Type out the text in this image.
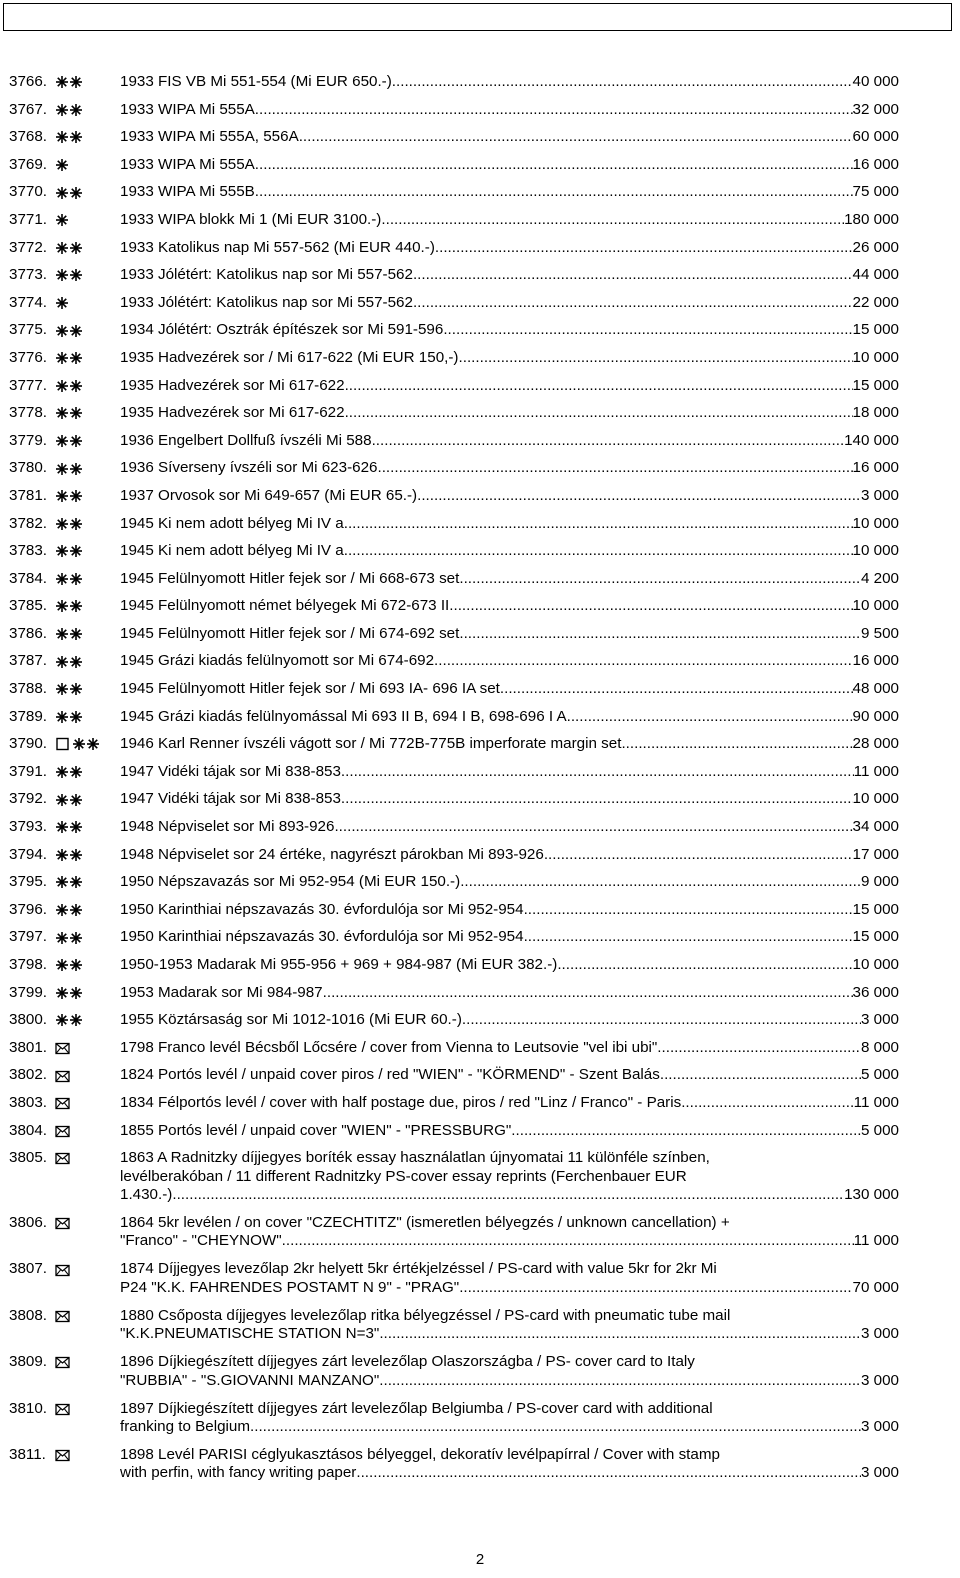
3766.	1933 FIS VB Mi 551-554 (Mi EUR 650.-) .....	40 000
3767.	1933 WIPA Mi 555A .....	32 000
3768.	1933 WIPA Mi 555A, 556A .....	60 000
3769.	1933 WIPA Mi 555A .....	16 000
3770.	1933 WIPA Mi 555B .....	75 000
3771.	1933 WIPA blokk Mi 1 (Mi EUR 3100.-) .....	180 000
3772.	1933 Katolikus nap Mi 557-562 (Mi EUR 440.-) .....	26 000
3773.	1933 Jólétért: Katolikus nap sor Mi 557-562 .....	44 000
3774.	1933 Jólétért: Katolikus nap sor Mi 557-562 .....	22 000
3775.	1934 Jólétért: Osztrák építészek sor Mi 591-596 .....	15 000
3776.	1935 Hadvezérek sor / Mi 617-622 (Mi EUR 150,-) .....	10 000
3777.	1935 Hadvezérek sor Mi 617-622 .....	15 000
3778.	1935 Hadvezérek sor Mi 617-622 .....	18 000
3779.	1936 Engelbert Dollfuß ívszéli Mi 588 .....	140 000
3780.	1936 Síverseny ívszéli sor Mi 623-626 .....	16 000
3781.	1937 Orvosok sor Mi 649-657 (Mi EUR 65.-) .....	3 000
3782.	1945 Ki nem adott bélyeg Mi IV a .....	10 000
3783.	1945 Ki nem adott bélyeg Mi IV a .....	10 000
3784.	1945 Felülnyomott Hitler fejek sor / Mi 668-673 set .....	4 200
3785.	1945 Felülnyomott német bélyegek Mi 672-673 II .....	10 000
3786.	1945 Felülnyomott Hitler fejek sor / Mi 674-692 set .....	9 500
3787.	1945 Grázi kiadás felülnyomott sor Mi 674-692 .....	16 000
3788.	1945 Felülnyomott Hitler fejek sor / Mi 693 IA- 696 IA set .....	48 000
3789.	1945 Grázi kiadás felülnyomással Mi 693 II B, 694 I B, 698-696 I A .....	90 000
3790.	1946 Karl Renner ívszéli vágott sor / Mi 772B-775B imperforate margin set .....	28 000
3791.	1947 Vidéki tájak sor Mi 838-853 .....	11 000
3792.	1947 Vidéki tájak sor Mi 838-853 .....	10 000
3793.	1948 Népviselet sor Mi 893-926 .....	34 000
3794.	1948 Népviselet sor 24 értéke, nagyrészt párokban Mi 893-926 .....	17 000
3795.	1950 Népszavazás sor Mi 952-954 (Mi EUR 150.-) .....	9 000
3796.	1950 Karinthiai népszavazás 30. évfordulója sor Mi 952-954 .....	15 000
3797.	1950 Karinthiai népszavazás 30. évfordulója sor Mi 952-954 .....	15 000
3798.	1950-1953 Madarak Mi 955-956 + 969 + 984-987 (Mi EUR 382.-) .....	10 000
3799.	1953 Madarak sor Mi 984-987 .....	36 000
3800.	1955 Köztársaság sor Mi 1012-1016 (Mi EUR 60.-) .....	3 000
3801.	1798 Franco levél Bécsből Lőcsére / cover from Vienna to Leutsovie "vel ibi ubi" .....	8 000
3802.	1824 Portós levél / unpaid cover piros / red "WIEN" - "KÖRMEND" - Szent Balás .....	5 000
3803.	1834 Félportós levél / cover with half postage due, piros / red "Linz / Franco" - Paris .....	11 000
3804.	1855 Portós levél / unpaid cover "WIEN" - "PRESSBURG" .....	5 000
3805.	1863 A Radnitzky díjjegyes boríték essay használatlan újnyomatai 11 különféle színben,
levélberakóban / 11 different Radnitzky PS-cover essay reprints (Ferchenbauer EUR
1.430.-) .....	130 000
3806.	1864 5kr levélen / on cover "CZECHTITZ" (ismeretlen bélyegzés / unknown cancellation) +
"Franco" - "CHEYNOW" .....	11 000
3807.	1874 Díjjegyes levezőlap 2kr helyett 5kr értékjelzéssel / PS-card with value 5kr for 2kr Mi
P24 "K.K. FAHRENDES POSTAMT N 9" - "PRAG" .....	70 000
3808.	1880 Csőposta díjjegyes levelezőlap ritka bélyegzéssel / PS-card with pneumatic tube mail
"K.K.PNEUMATISCHE STATION N=3" .....	3 000
3809.	1896 Díjkiegészített díjjegyes zárt levelezőlap Olaszországba / PS- cover card to Italy
"RUBBIA" - "S.GIOVANNI MANZANO" .....	3 000
3810.	1897 Díjkiegészített díjjegyes zárt levelezőlap Belgiumba / PS-cover card with additional
franking to Belgium .....	3 000
3811.	1898 Levél PARISI céglyukasztásos bélyeggel, dekoratív levélpapírral / Cover with stamp
with perfin, with fancy writing paper .....	3 000
2
